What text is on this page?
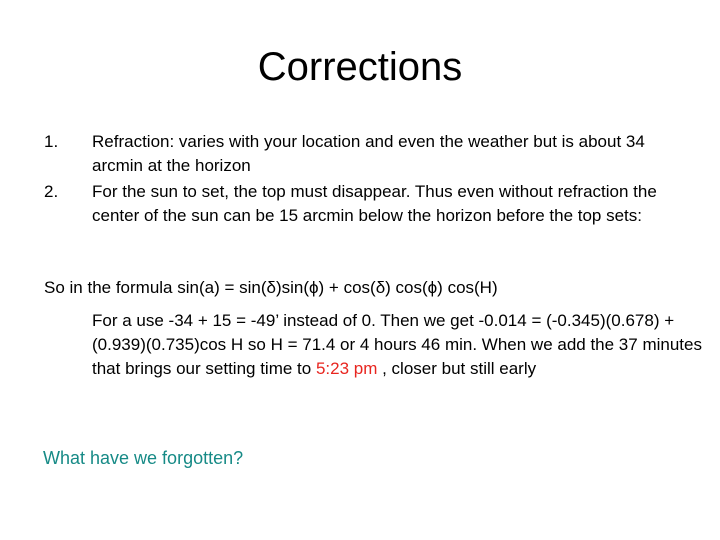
Corrections
1.	Refraction: varies with your location and even the weather but is about 34 arcmin at the horizon
2.	For the sun to set, the top must disappear. Thus even without refraction the center of the sun can be 15 arcmin below the horizon before the top sets:
So in the formula sin(a) = sin(δ)sin(ϕ) + cos(δ) cos(ϕ) cos(H)
For a use -34 + 15 = -49’ instead of 0. Then we get -0.014 = (-0.345)(0.678) + (0.939)(0.735)cos H so H = 71.4 or 4 hours 46 min. When we add the 37 minutes that brings our setting time to 5:23 pm , closer but still early
What have we forgotten?
